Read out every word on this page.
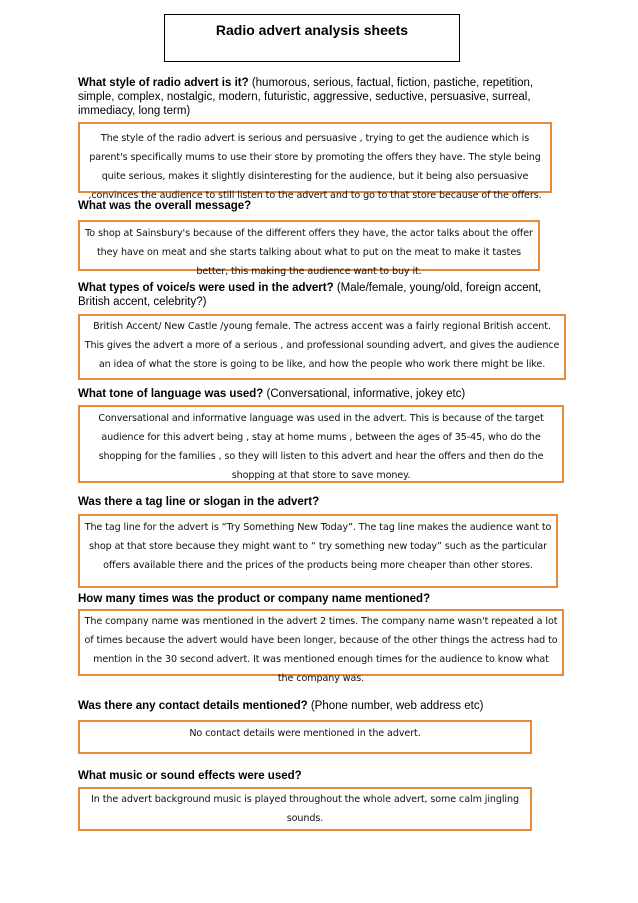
Radio advert analysis sheets
What style of radio advert is it? (humorous, serious, factual, fiction, pastiche, repetition, simple, complex, nostalgic, modern, futuristic, aggressive, seductive, persuasive, surreal, immediacy, long term)
The style of the radio advert is serious and persuasive , trying to get the audience which is parent's specifically mums to use their store by promoting the offers they have. The style being quite serious, makes it slightly disinteresting for the audience, but it being also persuasive ,convinces the audience to still listen to the advert and to go to that store because of the offers.
What was the overall message?
To shop at Sainsbury's because of the different offers they have, the actor talks about the offer they have on meat and she starts talking about what to put on the meat to make it tastes better, this making the audience want to buy it.
What types of voice/s were used in the advert? (Male/female, young/old, foreign accent, British accent, celebrity?)
British Accent/ New Castle /young female. The actress accent was a fairly regional British accent. This gives the advert a more of a serious , and professional sounding advert, and gives the audience an idea of what the store is going to be like, and how the people who work there might be like.
What tone of language was used? (Conversational, informative, jokey etc)
Conversational and informative language was used in the advert. This is because of the target audience for this advert being , stay at home mums , between the ages of 35-45, who do the shopping for the families , so they will listen to this advert and hear the offers and then do the shopping at that store to save money.
Was there a tag line or slogan in the advert?
The tag line for the advert is “Try Something New Today”. The tag line makes the audience want to shop at that store because they might want to “ try something new today” such as the particular offers available there and the prices of the products being more cheaper than other stores.
How many times was the product or company name mentioned?
The company name was mentioned in the advert 2 times. The company name wasn't repeated a lot of times because the advert would have been longer, because of the other things the actress had to mention in the 30 second advert. It was mentioned enough times for the audience to know what the company was.
Was there any contact details mentioned? (Phone number, web address etc)
No contact details were mentioned in the advert.
What music or sound effects were used?
In the advert background music is played throughout the whole advert, some calm jingling sounds.
